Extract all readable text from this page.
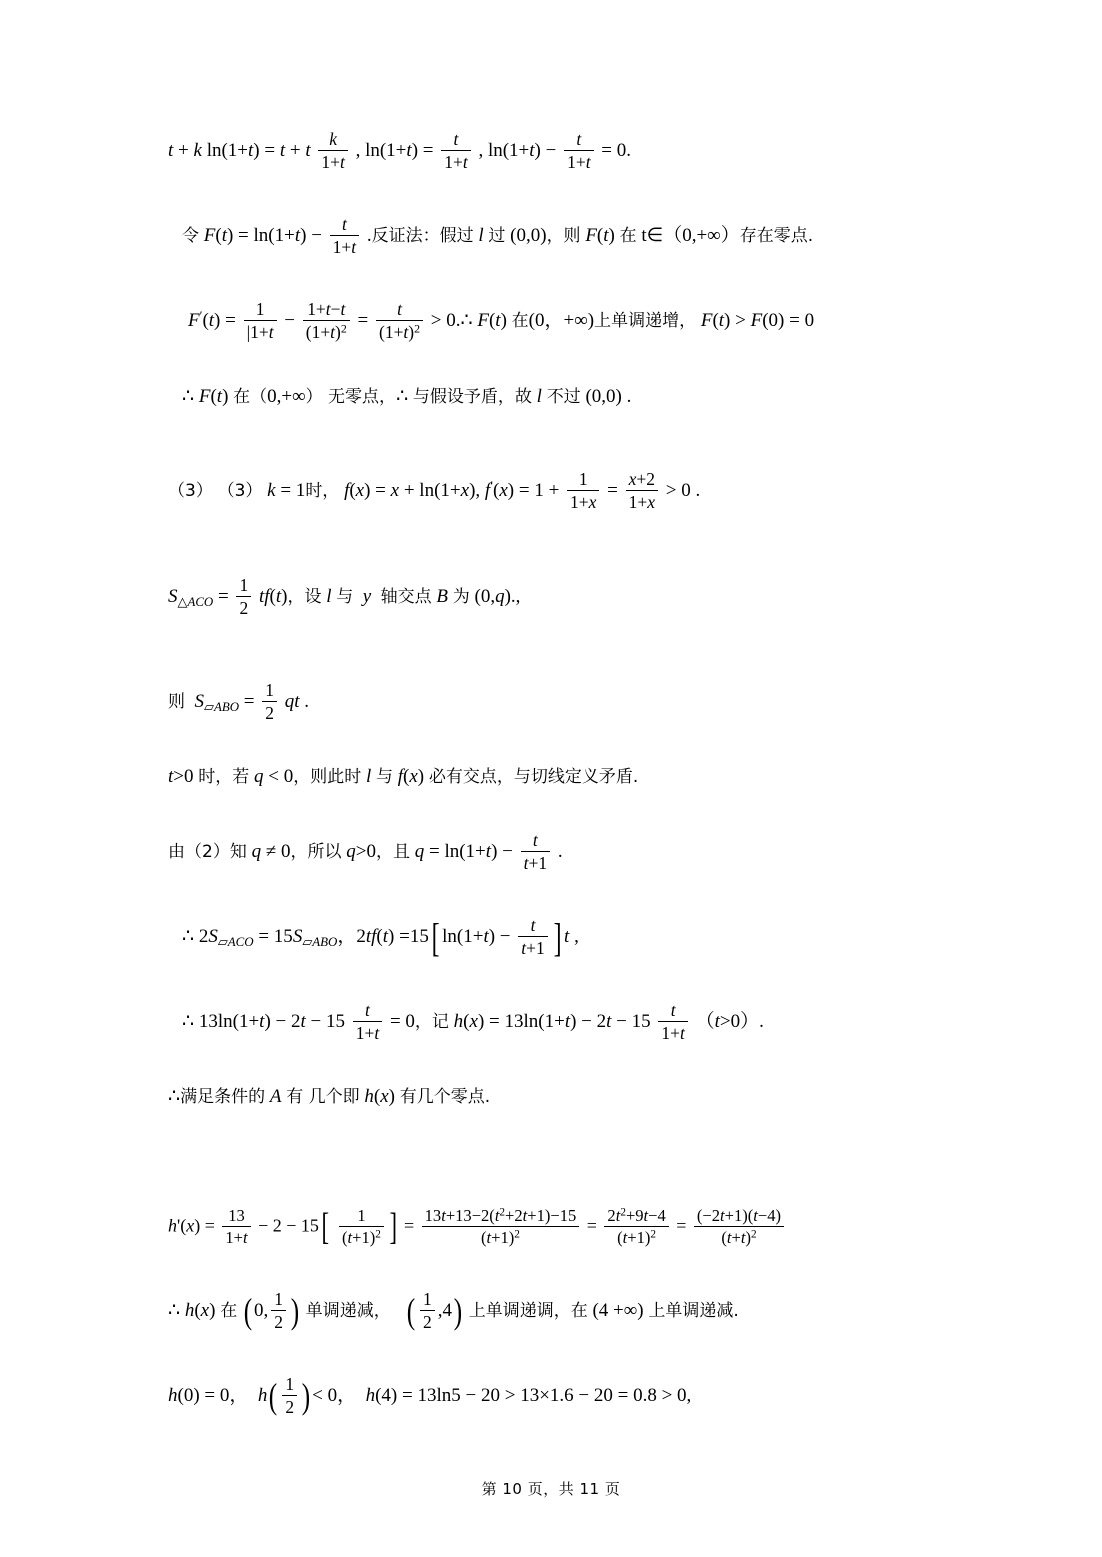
t + k ln(1+t) = t + t $\frac{k}{1+t}$ , $\ln(1+t) = \frac{t}{1+t}$ , $\ln(1+t) - \frac{t}{1+t} = 0$.
令 $F(t) = \ln(1+t) - \frac{t}{1+t}$ .反证法：假过 l 过 (0,0)，则 F(t) 在 t∈（0,+∞）存在零点.
$F'(t) = \frac{1}{|1+t} - \frac{1+t-t}{(1+t)^2} = \frac{t}{(1+t)^2}$ > 0.∴ F(t) 在(0，+∞)上单调递增， F(t) > F(0) = 0
∴ F(t) 在（0,+∞） 无零点，∴ 与假设予盾，故 l 不过 (0,0) .
（3） （3） k = 1时， f(x) = x + ln(1+x), $f'(x) = 1 + \frac{1}{1+x} = \frac{x+2}{1+x} > 0$ .
$S_{\triangle ACO} = \frac{1}{2} tf(t)$，设 l 与 y 轴交点 B 为 (0,q).,
则 $S_{▱ABO} = \frac{1}{2}$ qt .
t>0 时，若 q < 0，则此时 l 与 f(x) 必有交点，与切线定义矛盾.
由（2）知 q ≠ 0，所以 q>0，且 $q = \ln(1+t) - \frac{t}{t+1}$ .
∴ $2S_{▱ACO} = 15S_{▱ABO}$，2tf(t) =15[ $\ln(1+t) - \frac{t}{t+1}$ ] t ,
∴ $13\ln(1+t) - 2t - 15 \frac{t}{1+t} = 0$，记 $h(x) = 13\ln(1+t) - 2t - 15 \frac{t}{1+t} (t>0)$.
∴满足条件的 A 有 几个即 h(x) 有几个零点.
$h'(x) = \frac{13}{1+t} - 2 - 15[ \frac{1}{(t+1)^2}$ ] = $\frac{13t+13-2(t^2+2t+1)-15}{(t+1)^2} = \frac{2t^2+9t-4}{(t+1)^2} = \frac{(-2t+1)(t-4)}{(t+t)^2}$
∴ h(x) 在 (0, $\frac{1}{2}$ ) 单调递减， ( $\frac{1}{2} ,4$) 上单调递调，在 (4 +∞) 上单调递减.
h(0) = 0，  $h( \frac{1}{2}$ )< 0，  h(4) = 13ln5 − 20 > 13×1.6 − 20 = 0.8 > 0,
第 10 页，共 11 页
